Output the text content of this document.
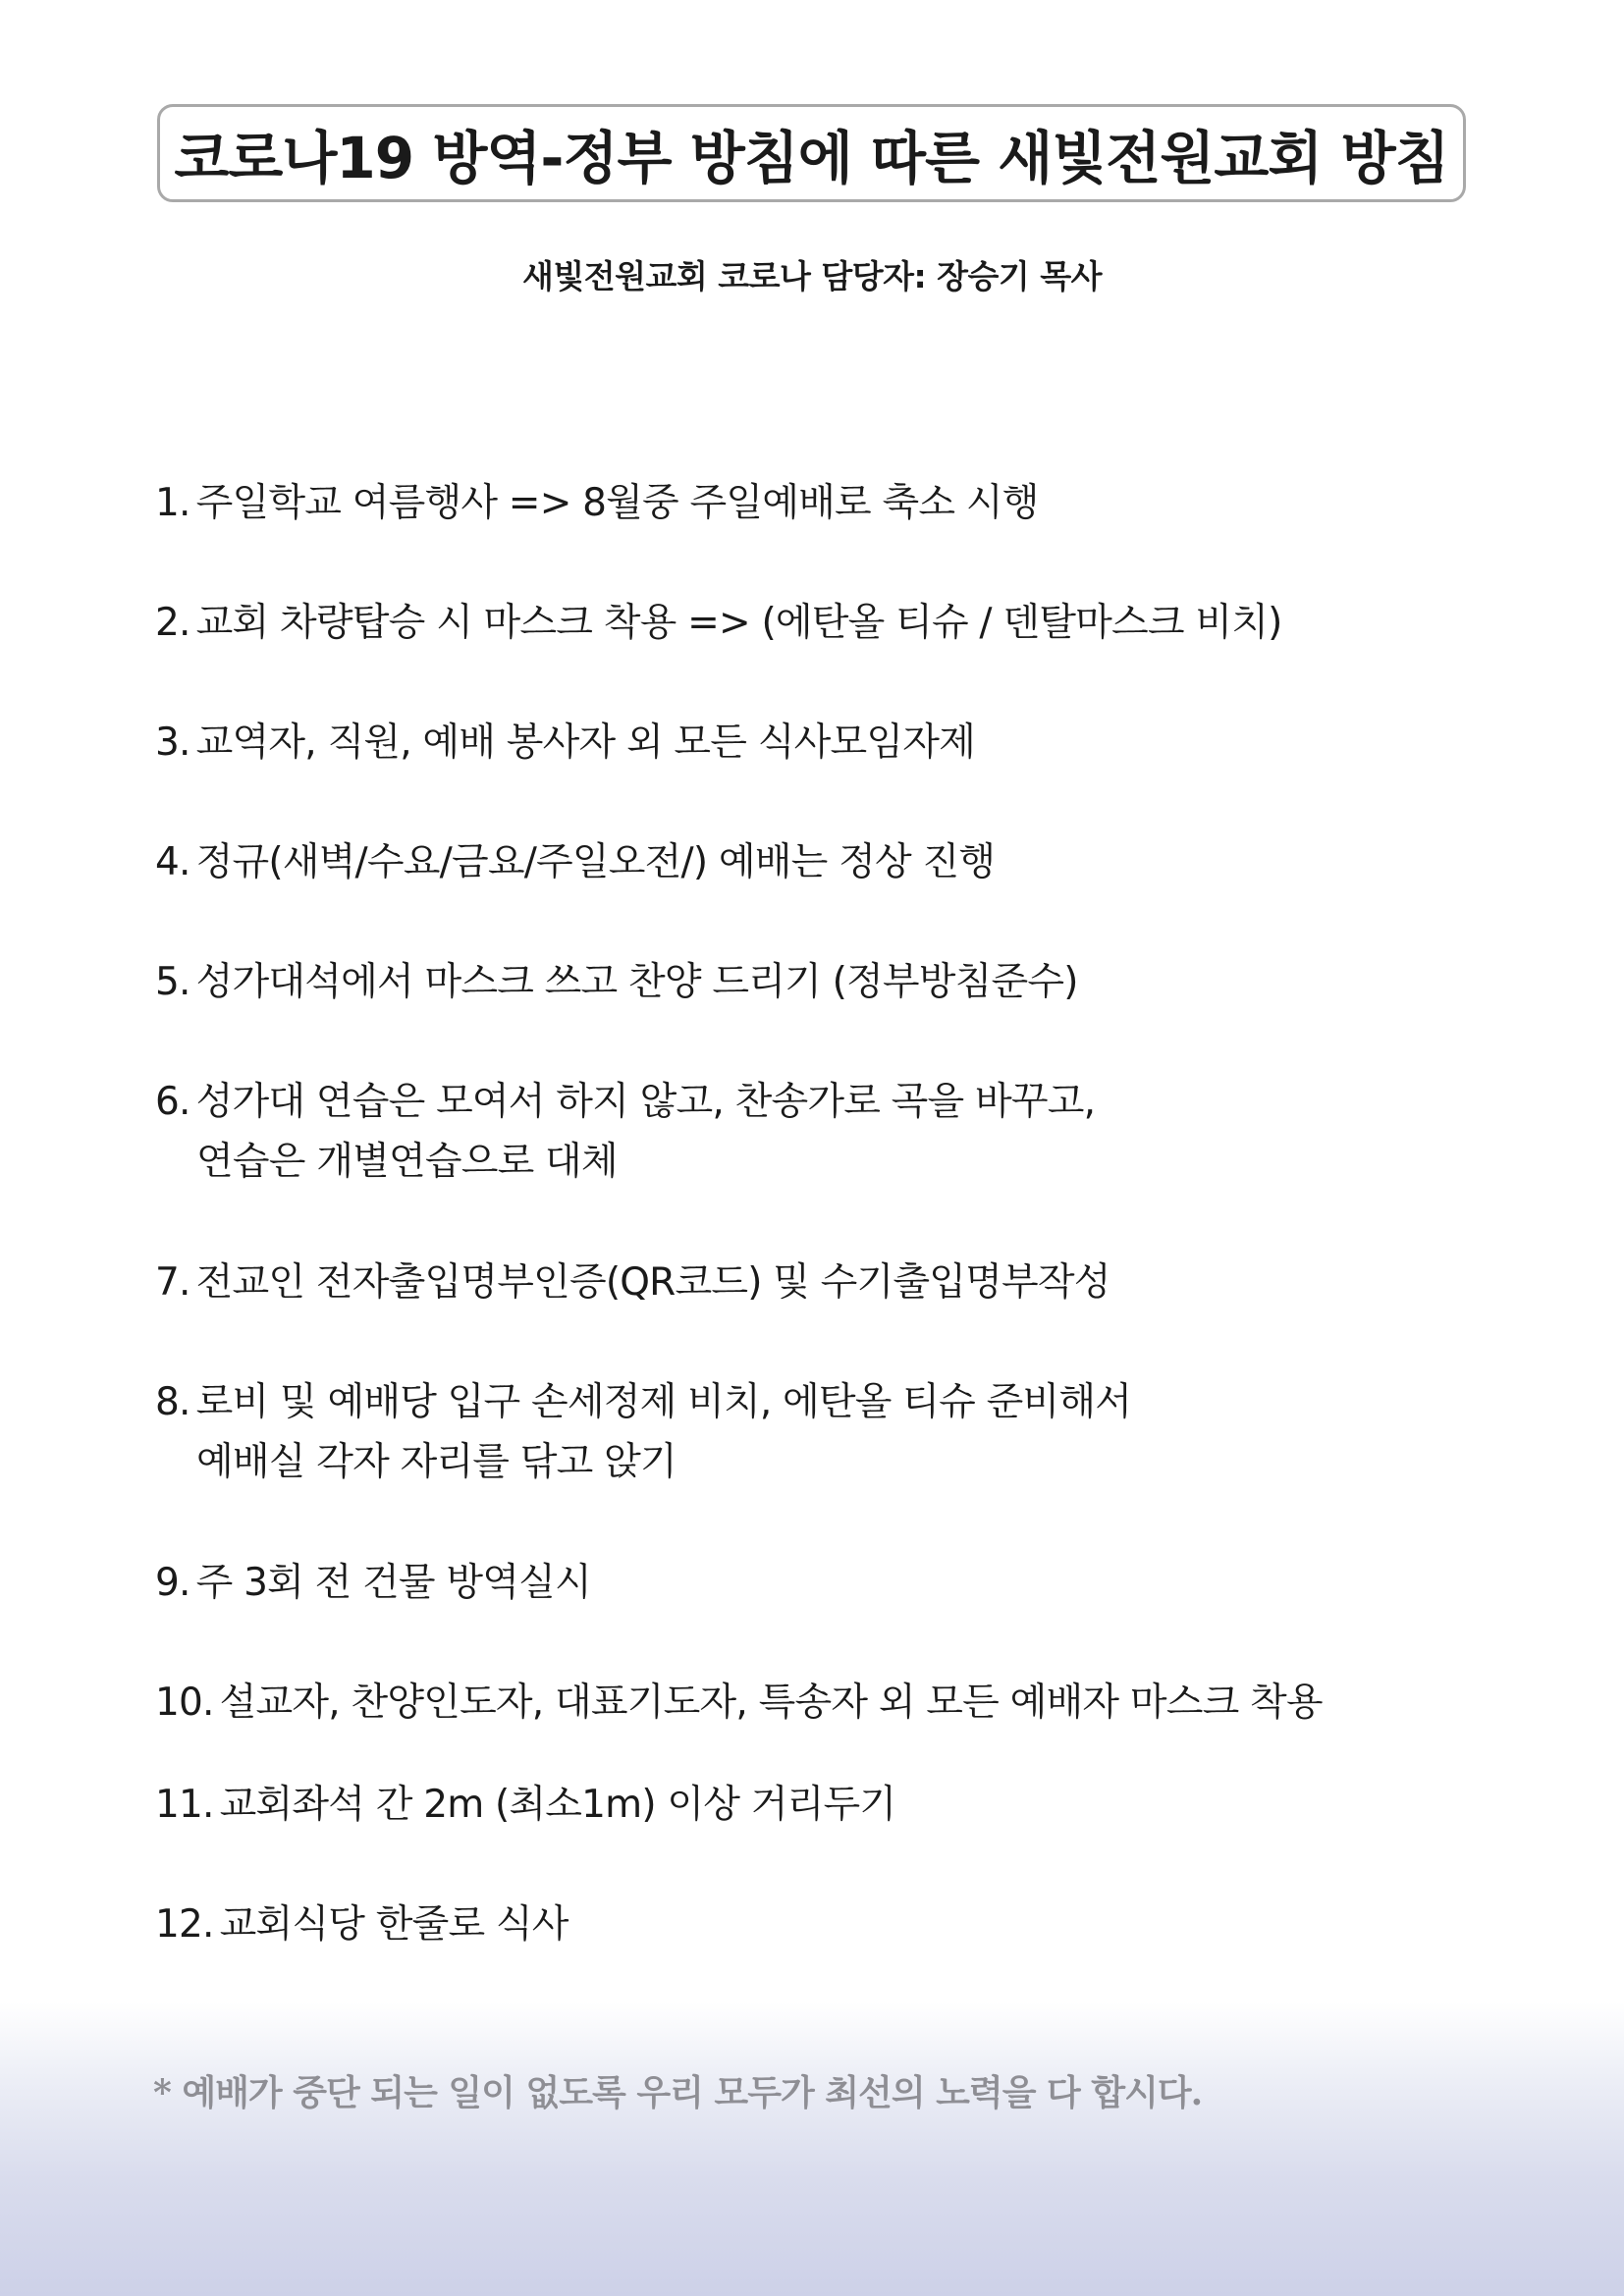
코로나19 방역-정부 방침에 따른 새빛전원교회 방침
새빛전원교회 코로나 담당자: 장승기 목사

1. 주일학교 여름행사 => 8월중 주일예배로 축소 시행

2. 교회 차량탑승 시 마스크 착용 => (에탄올 티슈 / 덴탈마스크 비치)

3. 교역자, 직원, 예배 봉사자 외 모든 식사모임자제

4. 정규(새벽/수요/금요/주일오전/) 예배는 정상 진행

5. 성가대석에서 마스크 쓰고 찬양 드리기 (정부방침준수)

6. 성가대 연습은 모여서 하지 않고, 찬송가로 곡을 바꾸고,
연습은 개별연습으로 대체

7. 전교인 전자출입명부인증(QR코드) 및 수기출입명부작성

8. 로비 및 예배당 입구 손세정제 비치, 에탄올 티슈 준비해서
예배실 각자 자리를 닦고 앉기

9. 주 3회 전 건물 방역실시

10. 설교자, 찬양인도자, 대표기도자, 특송자 외 모든 예배자 마스크 착용

11. 교회좌석 간 2m (최소1m) 이상 거리두기

12. 교회식당 한줄로 식사

* 예배가 중단 되는 일이 없도록 우리 모두가 최선의 노력을 다 합시다.
